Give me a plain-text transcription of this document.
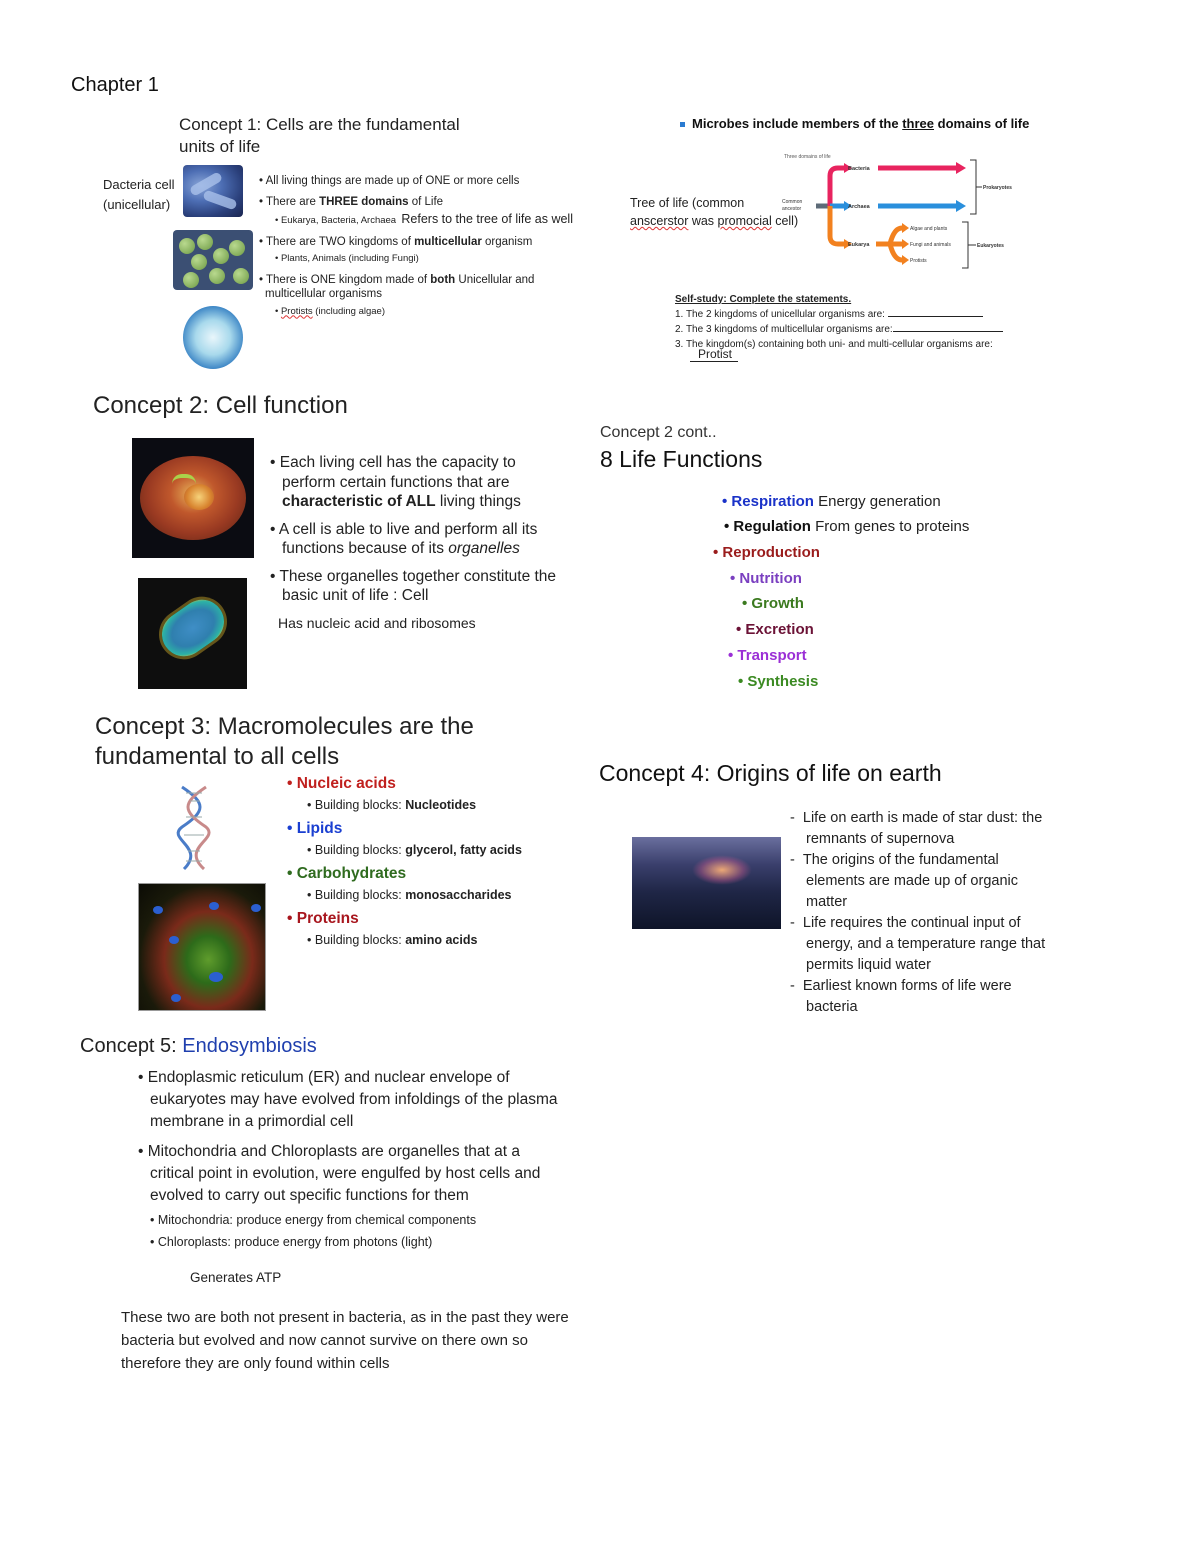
Chapter 1
Concept 1: Cells are the fundamental units of life
Dacteria cell
(unicellular)
• All living things are made up of ONE or more cells
• There are THREE domains of Life
• Eukarya, Bacteria, Archaea Refers to the tree of life as well
• There are TWO kingdoms of multicellular organism
• Plants, Animals (including Fungi)
• There is ONE kingdom made of both Unicellular and multicellular organisms
• Protists (including algae)
Microbes include members of the three domains of life
Tree of life (common
anscerstor was promocial cell)
Three domains of life
Common
ancestor
Bacteria
Archaea
Eukarya
Algae and plants
Fungi and animals
Protists
Prokaryotes
Eukaryotes
Self-study: Complete the statements.
1. The 2 kingdoms of unicellular organisms are:
2. The 3 kingdoms of multicellular organisms are:
3. The kingdom(s) containing both uni- and multi-cellular organisms are:
Protist
Concept 2: Cell function
• Each living cell has the capacity to perform certain functions that are characteristic of ALL living things
• A cell is able to live and perform all its functions because of its organelles
• These organelles together constitute the basic unit of life : Cell
Has nucleic acid and ribosomes
Concept 2 cont..
8 Life Functions
• Respiration Energy generation
• Regulation From genes to proteins
• Reproduction
• Nutrition
• Growth
• Excretion
• Transport
• Synthesis
Concept 3: Macromolecules are the
fundamental to all cells
• Nucleic acids
• Building blocks: Nucleotides
• Lipids
• Building blocks: glycerol, fatty acids
• Carbohydrates
• Building blocks: monosaccharides
• Proteins
• Building blocks: amino acids
Concept 4: Origins of life on earth
-  Life on earth is made of star dust: the remnants of supernova
-  The origins of the fundamental elements are made up of organic matter
-  Life requires the continual input of energy, and a temperature range that permits liquid water
-  Earliest known forms of life were bacteria
Concept 5: Endosymbiosis
• Endoplasmic reticulum (ER) and nuclear envelope of eukaryotes may have evolved from infoldings of the plasma membrane in a primordial cell
• Mitochondria and Chloroplasts are organelles that at a critical point in evolution, were engulfed by host cells and evolved to carry out specific functions for them
• Mitochondria: produce energy from chemical components
• Chloroplasts: produce energy from photons (light)
Generates ATP
These two are both not present in bacteria, as in the past they were bacteria but evolved and now cannot survive on there own so therefore they are only found within cells
